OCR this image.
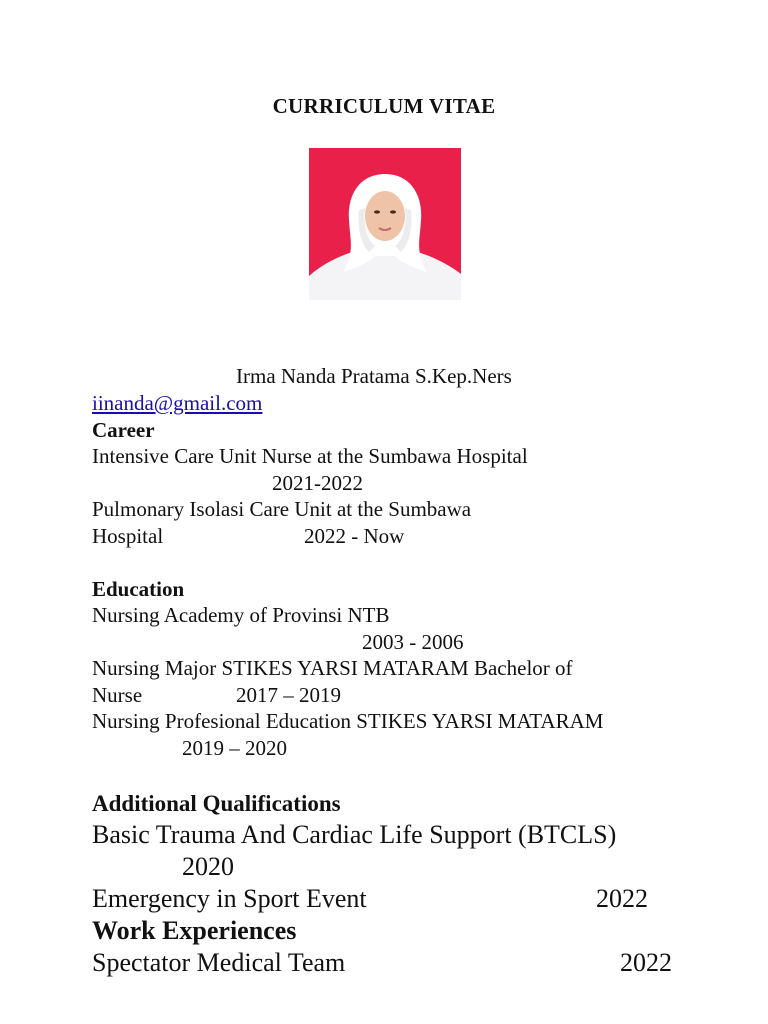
CURRICULUM VITAE
Irma Nanda Pratama S.Kep.Ners
iinanda@gmail.com
Career
Intensive Care Unit Nurse at the Sumbawa Hospital
2021-2022
Pulmonary Isolasi Care Unit at the Sumbawa
Hospital	2022 - Now
Education
Nursing Academy of Provinsi NTB
2003 - 2006
Nursing Major STIKES YARSI MATARAM Bachelor of
Nurse	2017 – 2019
Nursing Profesional Education STIKES YARSI MATARAM
2019 – 2020
Additional Qualifications
Basic Trauma And Cardiac Life Support (BTCLS)
2020
Emergency in Sport Event	2022
Work Experiences
Spectator Medical Team	2022
